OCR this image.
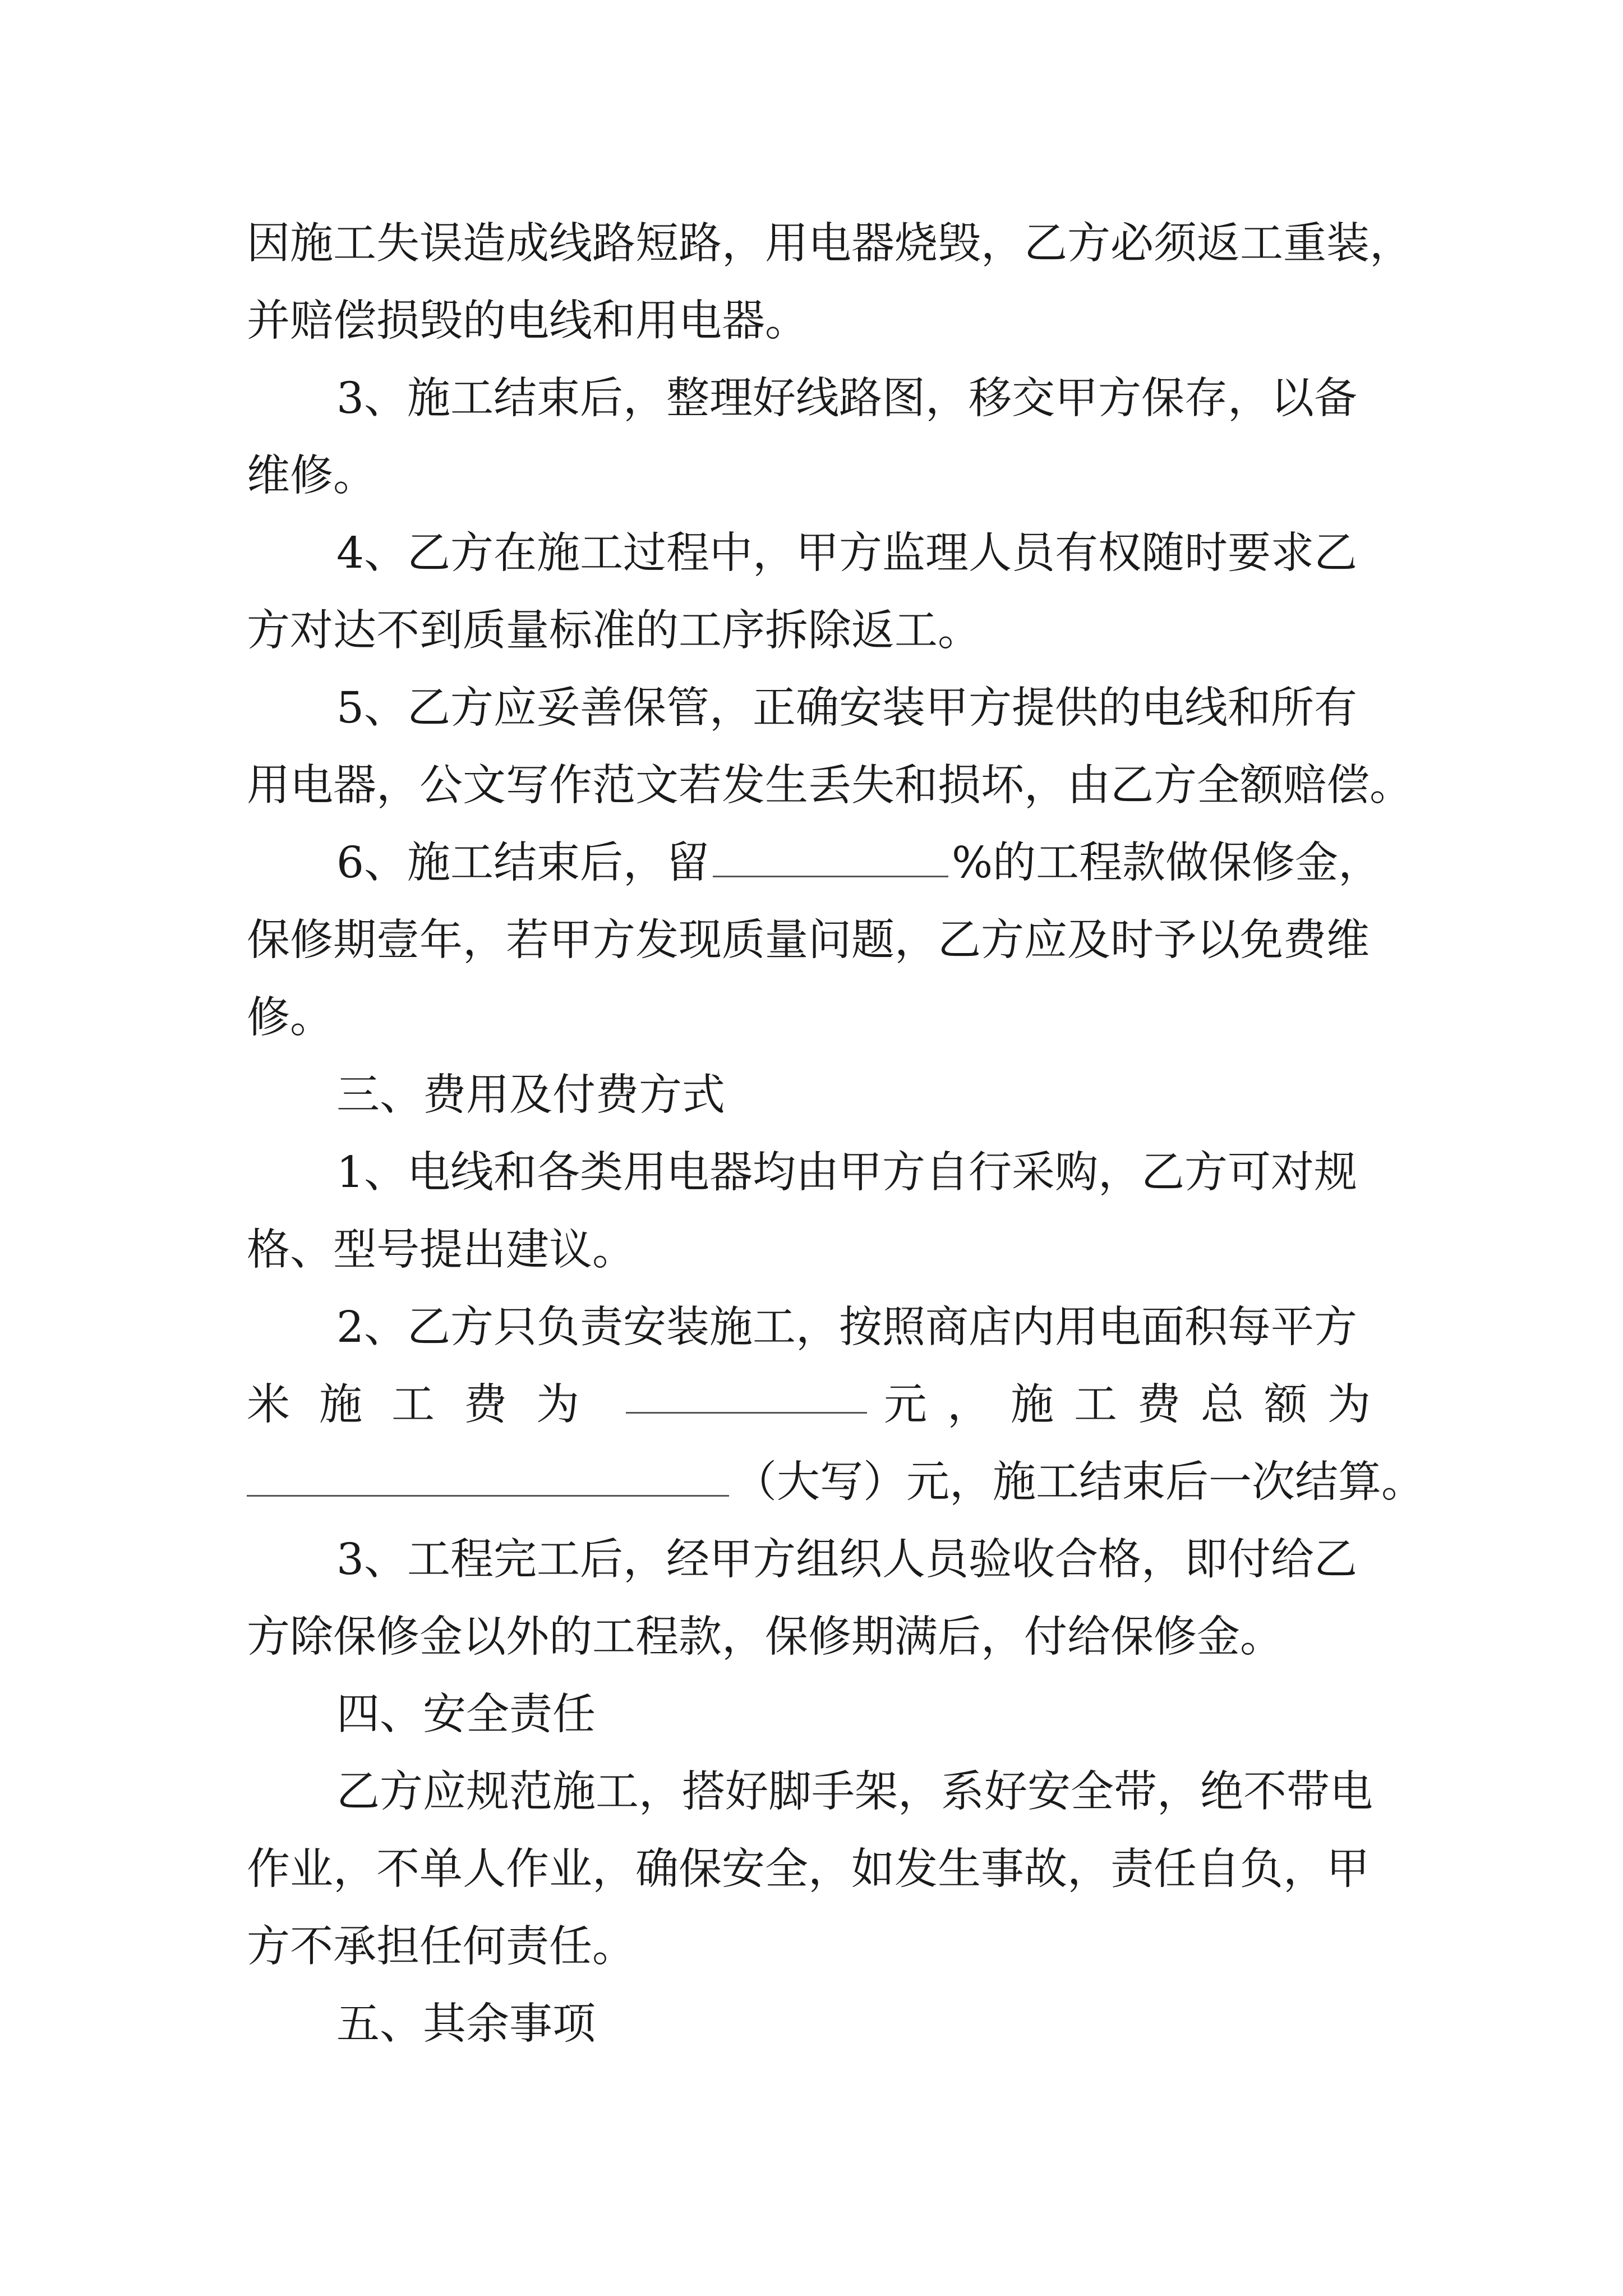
因施工失误造成线路短路，用电器烧毁，乙方必须返工重装，
并赔偿损毁的电线和用电器。
3、施工结束后，整理好线路图，移交甲方保存，以备
维修。
4、乙方在施工过程中，甲方监理人员有权随时要求乙
方对达不到质量标准的工序拆除返工。
5、乙方应妥善保管，正确安装甲方提供的电线和所有
用电器，公文写作范文若发生丢失和损坏，由乙方全额赔偿。
6、施工结束后，留	%的工程款做保修金，
保修期壹年，若甲方发现质量问题，乙方应及时予以免费维
修。
三、费用及付费方式
1、电线和各类用电器均由甲方自行采购，乙方可对规
格、型号提出建议。
2、乙方只负责安装施工，按照商店内用电面积每平方
米施工费为	元，施工费总额为
（大写）元，施工结束后一次结算。
3、工程完工后，经甲方组织人员验收合格，即付给乙
方除保修金以外的工程款，保修期满后，付给保修金。
四、安全责任
乙方应规范施工，搭好脚手架，系好安全带，绝不带电
作业，不单人作业，确保安全，如发生事故，责任自负，甲
方不承担任何责任。
五、其余事项
